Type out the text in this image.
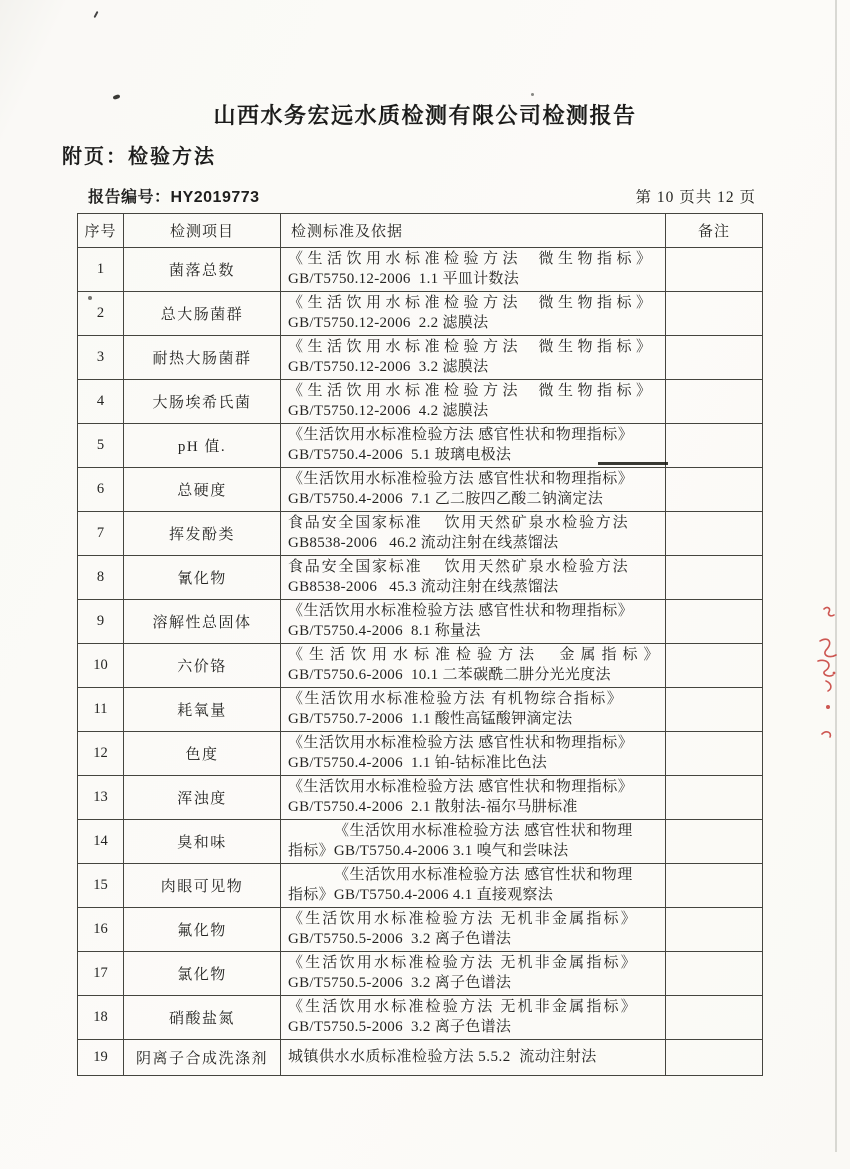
山西水务宏远水质检测有限公司检测报告
附页：检验方法
报告编号：HY2019773	第 10 页共 12 页
序号	检测项目	检测标准及依据	备注
1	菌落总数	《生活饮用水标准检验方法  微生物指标》
GB/T5750.12-2006  1.1 平皿计数法	

2	总大肠菌群	《生活饮用水标准检验方法  微生物指标》
GB/T5750.12-2006  2.2 滤膜法	

3	耐热大肠菌群	《生活饮用水标准检验方法  微生物指标》
GB/T5750.12-2006  3.2 滤膜法	

4	大肠埃希氏菌	《生活饮用水标准检验方法  微生物指标》
GB/T5750.12-2006  4.2 滤膜法	

5	pH 值.	《生活饮用水标准检验方法 感官性状和物理指标》
GB/T5750.4-2006  5.1 玻璃电极法	

6	总硬度	《生活饮用水标准检验方法 感官性状和物理指标》
GB/T5750.4-2006  7.1 乙二胺四乙酸二钠滴定法	

7	挥发酚类	食品安全国家标准    饮用天然矿泉水检验方法
GB8538-2006   46.2 流动注射在线蒸馏法	

8	氰化物	食品安全国家标准    饮用天然矿泉水检验方法
GB8538-2006   45.3 流动注射在线蒸馏法	

9	溶解性总固体	《生活饮用水标准检验方法 感官性状和物理指标》
GB/T5750.4-2006  8.1 称量法	

10	六价铬	《生活饮用水标准检验方法  金属指标》
GB/T5750.6-2006  10.1 二苯碳酰二肼分光光度法	

11	耗氧量	《生活饮用水标准检验方法 有机物综合指标》
GB/T5750.7-2006  1.1 酸性高锰酸钾滴定法	

12	色度	《生活饮用水标准检验方法 感官性状和物理指标》
GB/T5750.4-2006  1.1 铂-钴标准比色法	

13	浑浊度	《生活饮用水标准检验方法 感官性状和物理指标》
GB/T5750.4-2006  2.1 散射法-福尔马肼标准	

14	臭和味	《生活饮用水标准检验方法 感官性状和物理
指标》GB/T5750.4-2006 3.1 嗅气和尝味法	

15	肉眼可见物	《生活饮用水标准检验方法 感官性状和物理
指标》GB/T5750.4-2006 4.1 直接观察法	

16	氟化物	《生活饮用水标准检验方法 无机非金属指标》
GB/T5750.5-2006  3.2 离子色谱法	

17	氯化物	《生活饮用水标准检验方法 无机非金属指标》
GB/T5750.5-2006  3.2 离子色谱法	

18	硝酸盐氮	《生活饮用水标准检验方法 无机非金属指标》
GB/T5750.5-2006  3.2 离子色谱法	

19	阴离子合成洗涤剂	城镇供水水质标准检验方法 5.5.2  流动注射法	
